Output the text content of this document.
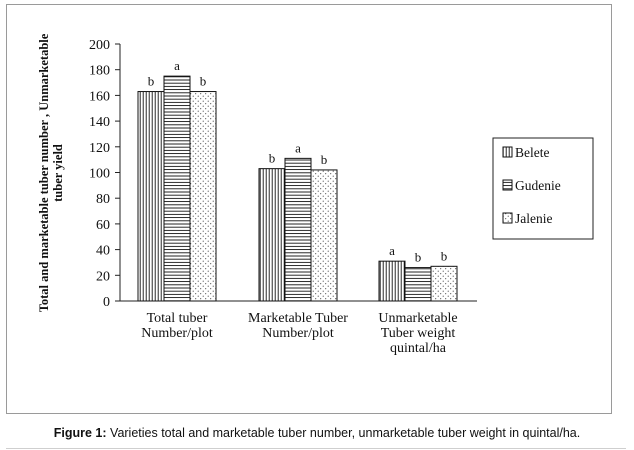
Total and marketable tuber number , Unmarketable tuber yield
0
20
40
60
80
100
120
140
160
180
200
b
b
a
a
a
b
b
b
b
Total tuber
Number/plot
Marketable Tuber
Number/plot
Unmarketable
Tuber weight
quintal/ha
Belete
Gudenie
Jalenie
Figure 1: Varieties total and marketable tuber number, unmarketable tuber weight in quintal/ha.
